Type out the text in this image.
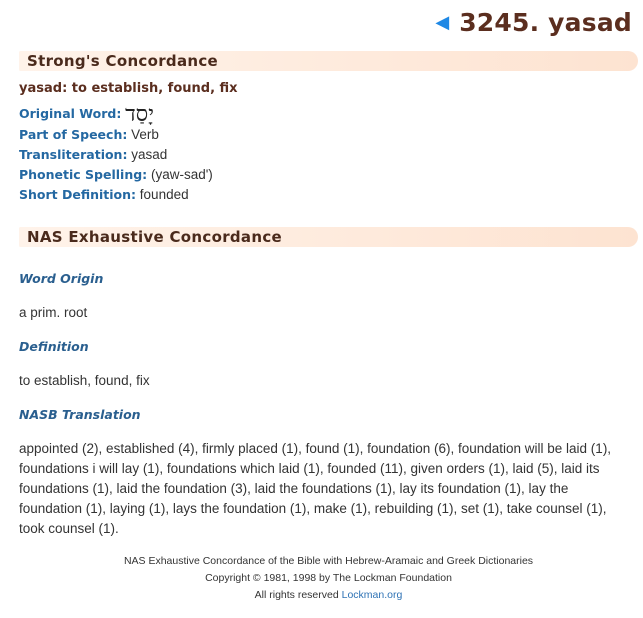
◀ 3245. yasad
Strong's Concordance
yasad: to establish, found, fix
Original Word: יָסַד
Part of Speech: Verb
Transliteration: yasad
Phonetic Spelling: (yaw-sad')
Short Definition: founded
NAS Exhaustive Concordance
Word Origin
a prim. root
Definition
to establish, found, fix
NASB Translation
appointed (2), established (4), firmly placed (1), found (1), foundation (6), foundation will be laid (1), foundations i will lay (1), foundations which laid (1), founded (11), given orders (1), laid (5), laid its foundations (1), laid the foundation (3), laid the foundations (1), lay its foundation (1), lay the foundation (1), laying (1), lays the foundation (1), make (1), rebuilding (1), set (1), take counsel (1), took counsel (1).
NAS Exhaustive Concordance of the Bible with Hebrew-Aramaic and Greek Dictionaries
Copyright © 1981, 1998 by The Lockman Foundation
All rights reserved Lockman.org
